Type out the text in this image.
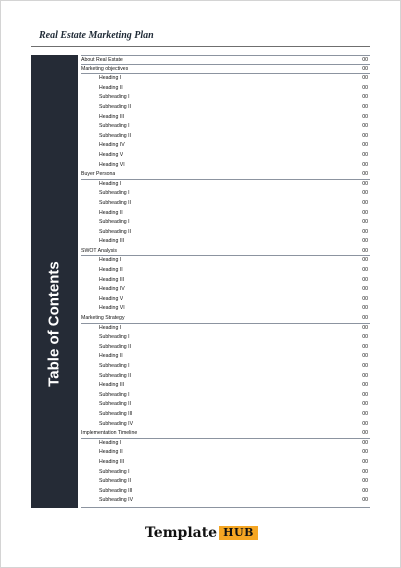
Real Estate Marketing Plan
Table of Contents
About Real Estate	00
Marketing objectives	00
Heading I	00
Heading II	00
Subheading I	00
Subheading II	00
Heading III	00
Subheading I	00
Subheading II	00
Heading IV	00
Heading V	00
Heading VI	00
Buyer Persona	00
Heading I	00
Subheading I	00
Subheading II	00
Heading II	00
Subheading I	00
Subheading II	00
Heading III	00
SWOT Analysis	00
Heading I	00
Heading II	00
Heading III	00
Heading IV	00
Heading V	00
Heading VI	00
Marketing Strategy	00
Heading I	00
Subheading I	00
Subheading II	00
Heading II	00
Subheading I	00
Subheading II	00
Heading III	00
Subheading I	00
Subheading II	00
Subheading III	00
Subheading IV	00
Implementation Timeline	00
Heading I	00
Heading II	00
Heading III	00
Subheading I	00
Subheading II	00
Subheading III	00
Subheading IV	00
Template HUB
